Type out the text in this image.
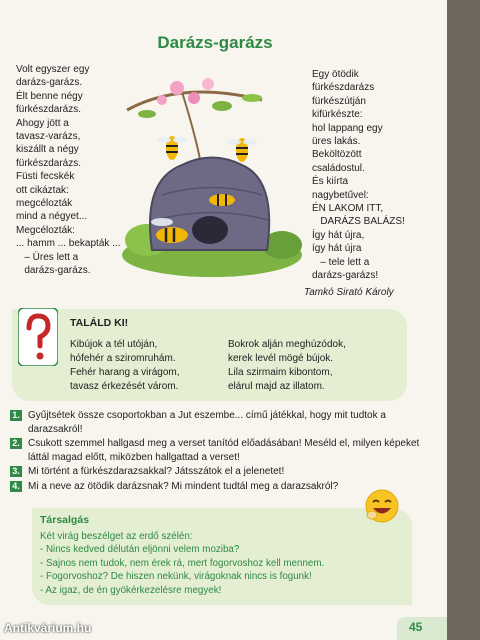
Darázs-garázs
Volt egyszer egy
darázs-garázs.
Élt benne négy
fürkészdarázs.
Ahogy jött a
tavasz-varázs,
kiszállt a négy
fürkészdarázs.
Füsti fecskék
ott cikáztak:
megcélozták
mind a négyet...
Megcélozták:
... hamm ... bekapták ...
– Üres lett a
darázs-garázs.
Egy ötödik
fürkészdarázs
fürkészútján
kifürkészte:
hol lappang egy
üres lakás.
Beköltözött
családostul.
És kiírta
nagybetűvel:
ÉN LAKOM ITT,
DARÁZS BALÁZS!
Így hát újra,
így hát újra
– tele lett a
darázs-garázs!
Tamkó Sirató Károly
TALÁLD KI!
Kibújok a tél utóján,
hófehér a sziromruhám.
Fehér harang a virágom,
tavasz érkezését várom.
Bokrok alján meghúzódok,
kerek levél mögé bújok.
Lila szirmaim kibontom,
elárul majd az illatom.
1. Gyűjtsétek össze csoportokban a Jut eszembe... című játékkal, hogy mit tudtok a darazsakról!
2. Csukott szemmel hallgasd meg a verset tanítód előadásában! Meséld el, milyen képeket láttál magad előtt, miközben hallgattad a verset!
3. Mi történt a fürkészdarazsakkal? Játsszátok el a jelenetet!
4. Mi a neve az ötödik darázsnak? Mi mindent tudtál meg a darazsakról?
Társalgás
Két virág beszélget az erdő szélén:
- Nincs kedved délután eljönni velem moziba?
- Sajnos nem tudok, nem érek rá, mert fogorvoshoz kell mennem.
- Fogorvoshoz? De hiszen nekünk, virágoknak nincs is fogunk!
- Az igaz, de én gyökérkezelésre megyek!
45
Antikvárium.hu
